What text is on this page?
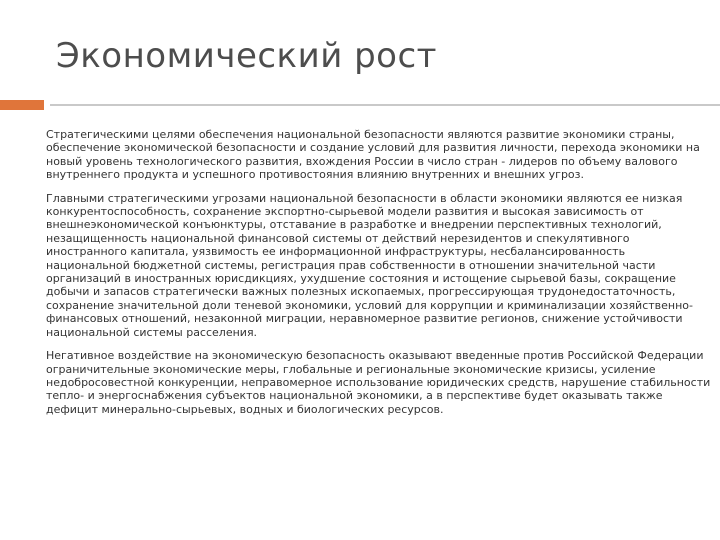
Экономический рост

Стратегическими целями обеспечения национальной безопасности являются развитие экономики страны, обеспечение экономической безопасности и создание условий для развития личности, перехода экономики на новый уровень технологического развития, вхождения России в число стран - лидеров по объему валового внутреннего продукта и успешного противостояния влиянию внутренних и внешних угроз.

Главными стратегическими угрозами национальной безопасности в области экономики являются ее низкая конкурентоспособность, сохранение экспортно-сырьевой модели развития и высокая зависимость от внешнеэкономической конъюнктуры, отставание в разработке и внедрении перспективных технологий, незащищенность национальной финансовой системы от действий нерезидентов и спекулятивного иностранного капитала, уязвимость ее информационной инфраструктуры, несбалансированность национальной бюджетной системы, регистрация прав собственности в отношении значительной части организаций в иностранных юрисдикциях, ухудшение состояния и истощение сырьевой базы, сокращение добычи и запасов стратегически важных полезных ископаемых, прогрессирующая трудонедостаточность, сохранение значительной доли теневой экономики, условий для коррупции и криминализации хозяйственно-финансовых отношений, незаконной миграции, неравномерное развитие регионов, снижение устойчивости национальной системы расселения.

Негативное воздействие на экономическую безопасность оказывают введенные против Российской Федерации ограничительные экономические меры, глобальные и региональные экономические кризисы, усиление недобросовестной конкуренции, неправомерное использование юридических средств, нарушение стабильности тепло- и энергоснабжения субъектов национальной экономики, а в перспективе будет оказывать также дефицит минерально-сырьевых, водных и биологических ресурсов.
